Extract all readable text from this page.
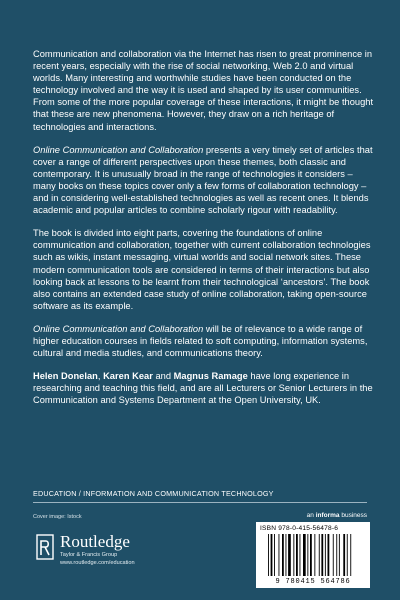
Communication and collaboration via the Internet has risen to great prominence in recent years, especially with the rise of social networking, Web 2.0 and virtual worlds. Many interesting and worthwhile studies have been conducted on the technology involved and the way it is used and shaped by its user communities. From some of the more popular coverage of these interactions, it might be thought that these are new phenomena. However, they draw on a rich heritage of technologies and interactions.

Online Communication and Collaboration presents a very timely set of articles that cover a range of different perspectives upon these themes, both classic and contemporary. It is unusually broad in the range of technologies it considers – many books on these topics cover only a few forms of collaboration technology – and in considering well-established technologies as well as recent ones. It blends academic and popular articles to combine scholarly rigour with readability.

The book is divided into eight parts, covering the foundations of online communication and collaboration, together with current collaboration technologies such as wikis, instant messaging, virtual worlds and social network sites. These modern communication tools are considered in terms of their interactions but also looking back at lessons to be learnt from their technological ‘ancestors’. The book also contains an extended case study of online collaboration, taking open-source software as its example.

Online Communication and Collaboration will be of relevance to a wide range of higher education courses in fields related to soft computing, information systems, cultural and media studies, and communications theory.

Helen Donelan, Karen Kear and Magnus Ramage have long experience in researching and teaching this field, and are all Lecturers or Senior Lecturers in the Communication and Systems Department at the Open University, UK.

EDUCATION / INFORMATION AND COMMUNICATION TECHNOLOGY
Cover image: Istock	an informa business
Routledge
Taylor & Francis Group
www.routledge.com/education
ISBN 978-0-415-56478-6
9 780415 564786
